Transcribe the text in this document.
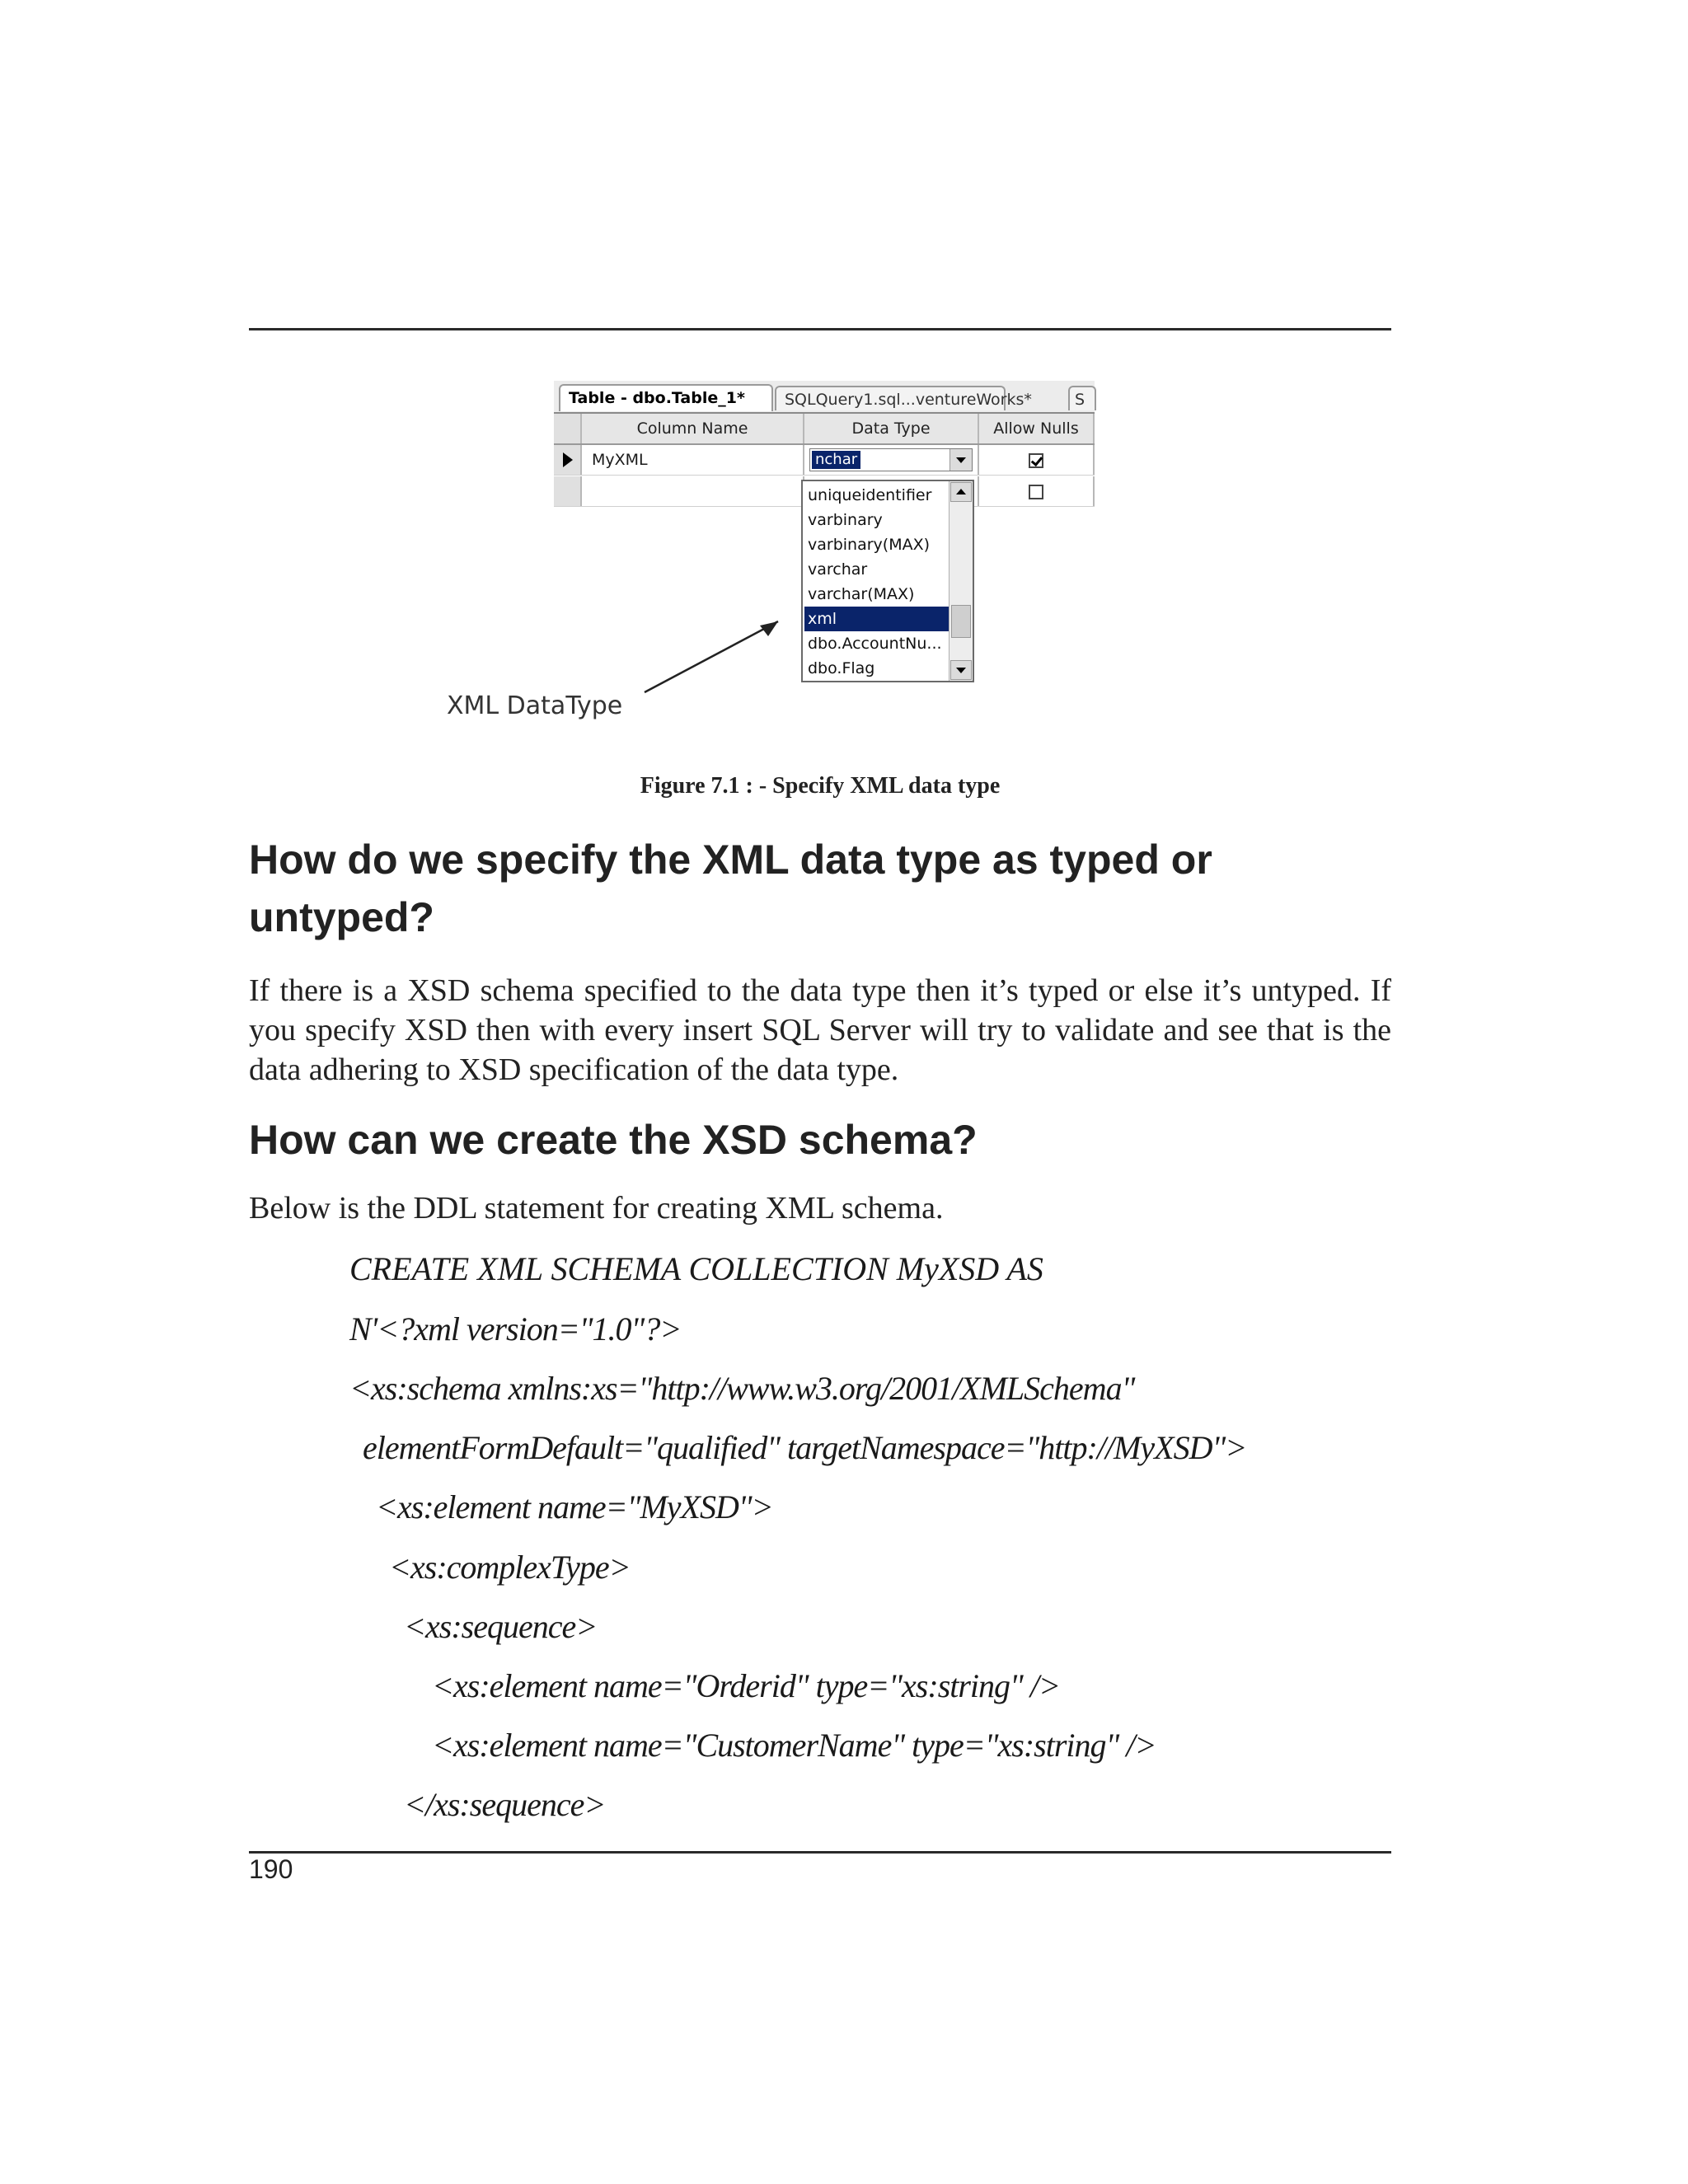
Table - dbo.Table_1*	SQLQuery1.sql...ventureWorks*	S
Column Name	Data Type	Allow Nulls
MyXML	nchar
uniqueidentifier
varbinary
varbinary(MAX)
varchar
varchar(MAX)
xml
dbo.AccountNu...
dbo.Flag
XML DataType
Figure 7.1 : - Specify XML data type
How do we specify the XML data type as typed or untyped?

If there is a XSD schema specified to the data type then it’s typed or else it’s untyped. If you specify XSD then with every insert SQL Server will try to validate and see that is the data adhering to XSD specification of the data type.

How can we create the XSD schema?

Below is the DDL statement for creating XML schema.

CREATE XML SCHEMA COLLECTION MyXSD AS
N'<?xml version="1.0"?>
<xs:schema xmlns:xs="http://www.w3.org/2001/XMLSchema"
elementFormDefault="qualified" targetNamespace="http://MyXSD">
<xs:element name="MyXSD">
<xs:complexType>
<xs:sequence>
<xs:element name="Orderid" type="xs:string" />
<xs:element name="CustomerName" type="xs:string" />
</xs:sequence>
190
